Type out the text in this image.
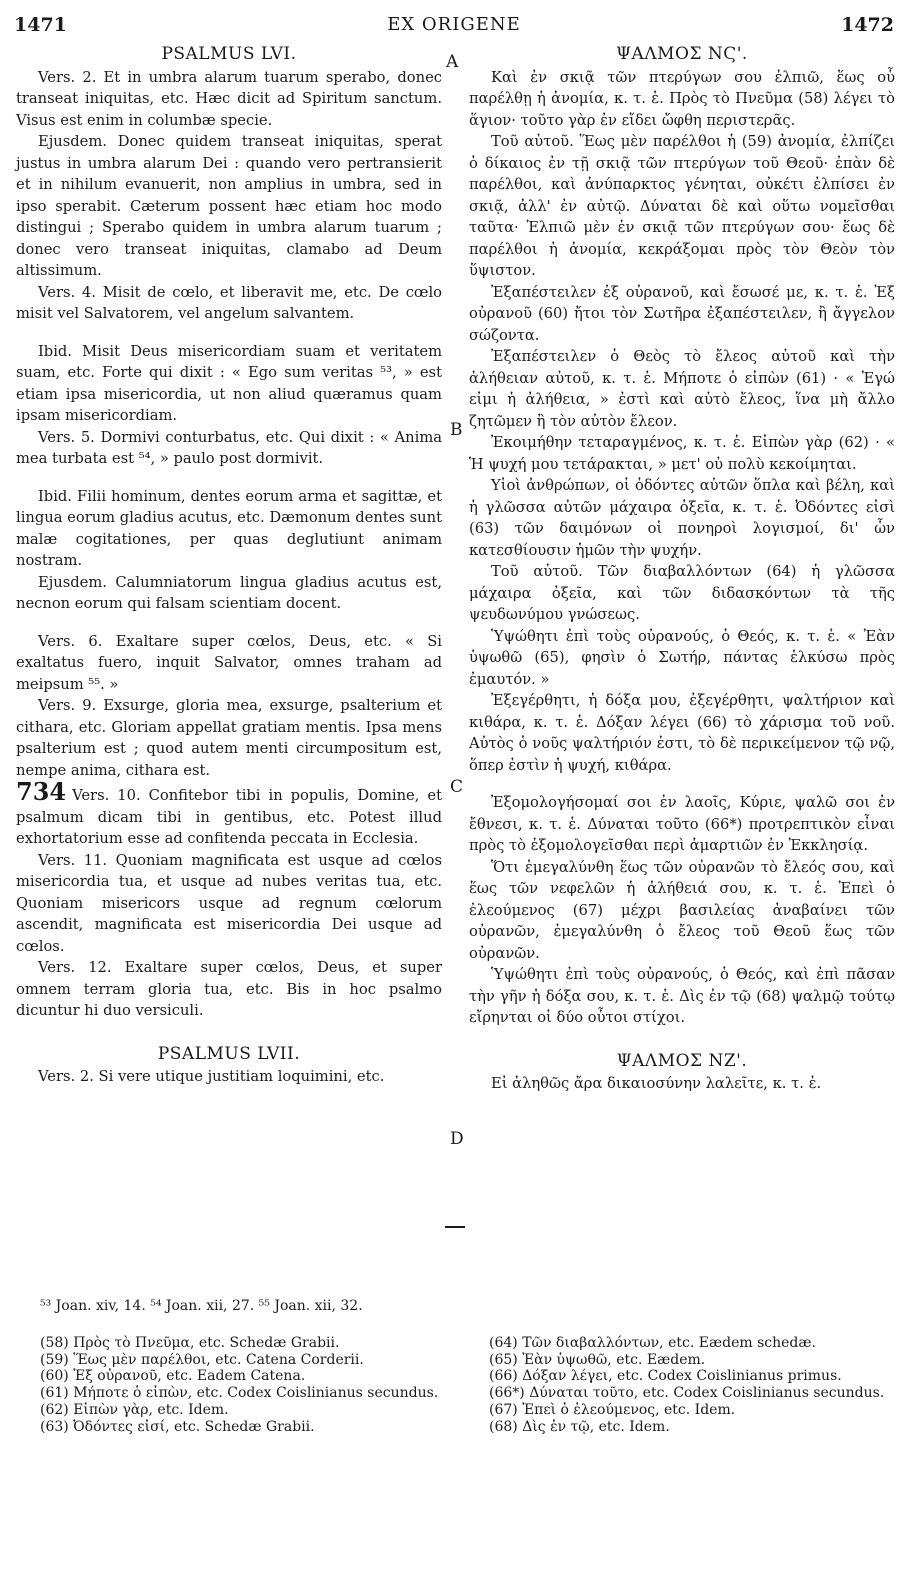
1471	EX ORIGENE	1472
PSALMUS LVI.

Vers. 2. Et in umbra alarum tuarum sperabo, donec transeat iniquitas, etc. Hæc dicit ad Spiritum sanctum. Visus est enim in columbæ specie.

Ejusdem. Donec quidem transeat iniquitas, sperat justus in umbra alarum Dei : quando vero pertransierit et in nihilum evanuerit, non amplius in umbra, sed in ipso sperabit. Cæterum possent hæc etiam hoc modo distingui ; Sperabo quidem in umbra alarum tuarum ; donec vero transeat iniquitas, clamabo ad Deum altissimum.

Vers. 4. Misit de cœlo, et liberavit me, etc. De cœlo misit vel Salvatorem, vel angelum salvantem.

Ibid. Misit Deus misericordiam suam et veritatem suam, etc. Forte qui dixit : « Ego sum veritas ⁵³, » est etiam ipsa misericordia, ut non aliud quæramus quam ipsam misericordiam.

Vers. 5. Dormivi conturbatus, etc. Qui dixit : « Anima mea turbata est ⁵⁴, » paulo post dormivit.

Ibid. Filii hominum, dentes eorum arma et sagittæ, et lingua eorum gladius acutus, etc. Dæmonum dentes sunt malæ cogitationes, per quas deglutiunt animam nostram.

Ejusdem. Calumniatorum lingua gladius acutus est, necnon eorum qui falsam scientiam docent.

Vers. 6. Exaltare super cœlos, Deus, etc. « Si exaltatus fuero, inquit Salvator, omnes traham ad meipsum ⁵⁵. »

Vers. 9. Exsurge, gloria mea, exsurge, psalterium et cithara, etc. Gloriam appellat gratiam mentis. Ipsa mens psalterium est ; quod autem menti circumpositum est, nempe anima, cithara est.

734 Vers. 10. Confitebor tibi in populis, Domine, et psalmum dicam tibi in gentibus, etc. Potest illud exhortatorium esse ad confitenda peccata in Ecclesia.

Vers. 11. Quoniam magnificata est usque ad cœlos misericordia tua, et usque ad nubes veritas tua, etc. Quoniam misericors usque ad regnum cœlorum ascendit, magnificata est misericordia Dei usque ad cœlos.

Vers. 12. Exaltare super cœlos, Deus, et super omnem terram gloria tua, etc. Bis in hoc psalmo dicuntur hi duo versiculi.

PSALMUS LVII.

Vers. 2. Si vere utique justitiam loquimini, etc.

ΨΑΛΜΟΣ ΝϚ'.

Καὶ ἐν σκιᾷ τῶν πτερύγων σου ἐλπιῶ, ἕως οὗ παρέλθῃ ἡ ἀνομία, κ. τ. ἑ. Πρὸς τὸ Πνεῦμα (58) λέγει τὸ ἅγιον· τοῦτο γὰρ ἐν εἴδει ὤφθη περιστερᾶς.

Τοῦ αὐτοῦ. Ἕως μὲν παρέλθοι ἡ (59) ἀνομία, ἐλπίζει ὁ δίκαιος ἐν τῇ σκιᾷ τῶν πτερύγων τοῦ Θεοῦ· ἐπὰν δὲ παρέλθοι, καὶ ἀνύπαρκτος γένηται, οὐκέτι ἐλπίσει ἐν σκιᾷ, ἀλλ' ἐν αὐτῷ. Δύναται δὲ καὶ οὕτω νομεῖσθαι ταῦτα· Ἐλπιῶ μὲν ἐν σκιᾷ τῶν πτερύγων σου· ἕως δὲ παρέλθοι ἡ ἀνομία, κεκράξομαι πρὸς τὸν Θεὸν τὸν ὕψιστον.

Ἐξαπέστειλεν ἐξ οὐρανοῦ, καὶ ἔσωσέ με, κ. τ. ἑ. Ἐξ οὐρανοῦ (60) ἤτοι τὸν Σωτῆρα ἐξαπέστειλεν, ἢ ἄγγελον σώζοντα.

Ἐξαπέστειλεν ὁ Θεὸς τὸ ἔλεος αὐτοῦ καὶ τὴν ἀλήθειαν αὐτοῦ, κ. τ. ἑ. Μήποτε ὁ εἰπὼν (61) · « Ἐγώ εἰμι ἡ ἀλήθεια, » ἐστὶ καὶ αὐτὸ ἔλεος, ἵνα μὴ ἄλλο ζητῶμεν ἢ τὸν αὐτὸν ἔλεον.

Ἐκοιμήθην τεταραγμένος, κ. τ. ἑ. Εἰπὼν γὰρ (62) · « Ἡ ψυχή μου τετάρακται, » μετ' οὐ πολὺ κεκοίμηται.

Υἱοὶ ἀνθρώπων, οἱ ὀδόντες αὐτῶν ὅπλα καὶ βέλη, καὶ ἡ γλῶσσα αὐτῶν μάχαιρα ὀξεῖα, κ. τ. ἑ. Ὀδόντες εἰσὶ (63) τῶν δαιμόνων οἱ πονηροὶ λογισμοί, δι' ὧν κατεσθίουσιν ἡμῶν τὴν ψυχήν.

Τοῦ αὐτοῦ. Τῶν διαβαλλόντων (64) ἡ γλῶσσα μάχαιρα ὀξεῖα, καὶ τῶν διδασκόντων τὰ τῆς ψευδωνύμου γνώσεως.

Ὑψώθητι ἐπὶ τοὺς οὐρανούς, ὁ Θεός, κ. τ. ἑ. « Ἐὰν ὑψωθῶ (65), φησὶν ὁ Σωτήρ, πάντας ἑλκύσω πρὸς ἐμαυτόν. »

Ἐξεγέρθητι, ἡ δόξα μου, ἐξεγέρθητι, ψαλτήριον καὶ κιθάρα, κ. τ. ἑ. Δόξαν λέγει (66) τὸ χάρισμα τοῦ νοῦ. Αὐτὸς ὁ νοῦς ψαλτήριόν ἐστι, τὸ δὲ περικείμενον τῷ νῷ, ὅπερ ἐστὶν ἡ ψυχή, κιθάρα.

Ἐξομολογήσομαί σοι ἐν λαοῖς, Κύριε, ψαλῶ σοι ἐν ἔθνεσι, κ. τ. ἑ. Δύναται τοῦτο (66*) προτρεπτικὸν εἶναι πρὸς τὸ ἐξομολογεῖσθαι περὶ ἁμαρτιῶν ἐν Ἐκκλησίᾳ.

Ὅτι ἐμεγαλύνθη ἕως τῶν οὐρανῶν τὸ ἔλεός σου, καὶ ἕως τῶν νεφελῶν ἡ ἀλήθειά σου, κ. τ. ἑ. Ἐπεὶ ὁ ἐλεούμενος (67) μέχρι βασιλείας ἀναβαίνει τῶν οὐρανῶν, ἐμεγαλύνθη ὁ ἔλεος τοῦ Θεοῦ ἕως τῶν οὐρανῶν.

Ὑψώθητι ἐπὶ τοὺς οὐρανούς, ὁ Θεός, καὶ ἐπὶ πᾶσαν τὴν γῆν ἡ δόξα σου, κ. τ. ἑ. Δὶς ἐν τῷ (68) ψαλμῷ τούτῳ εἴρηνται οἱ δύο οὗτοι στίχοι.

ΨΑΛΜΟΣ ΝΖ'.

Εἰ ἀληθῶς ἄρα δικαιοσύνην λαλεῖτε, κ. τ. ἑ.

A
B
C
D
⁵³ Joan. xiv, 14. ⁵⁴ Joan. xii, 27. ⁵⁵ Joan. xii, 32.
(58) Πρὸς τὸ Πνεῦμα, etc. Schedæ Grabii.
(59) Ἕως μὲν παρέλθοι, etc. Catena Corderii.
(60) Ἐξ οὐρανοῦ, etc. Eadem Catena.
(61) Μήποτε ὁ εἰπὼν, etc. Codex Coislinianus secundus.
(62) Εἰπὼν γὰρ, etc. Idem.
(63) Ὀδόντες εἰσί, etc. Schedæ Grabii.
(64) Τῶν διαβαλλόντων, etc. Eædem schedæ.
(65) Ἐὰν ὑψωθῶ, etc. Eædem.
(66) Δόξαν λέγει, etc. Codex Coislinianus primus.
(66*) Δύναται τοῦτο, etc. Codex Coislinianus secundus.
(67) Ἐπεὶ ὁ ἐλεούμενος, etc. Idem.
(68) Δὶς ἐν τῷ, etc. Idem.
